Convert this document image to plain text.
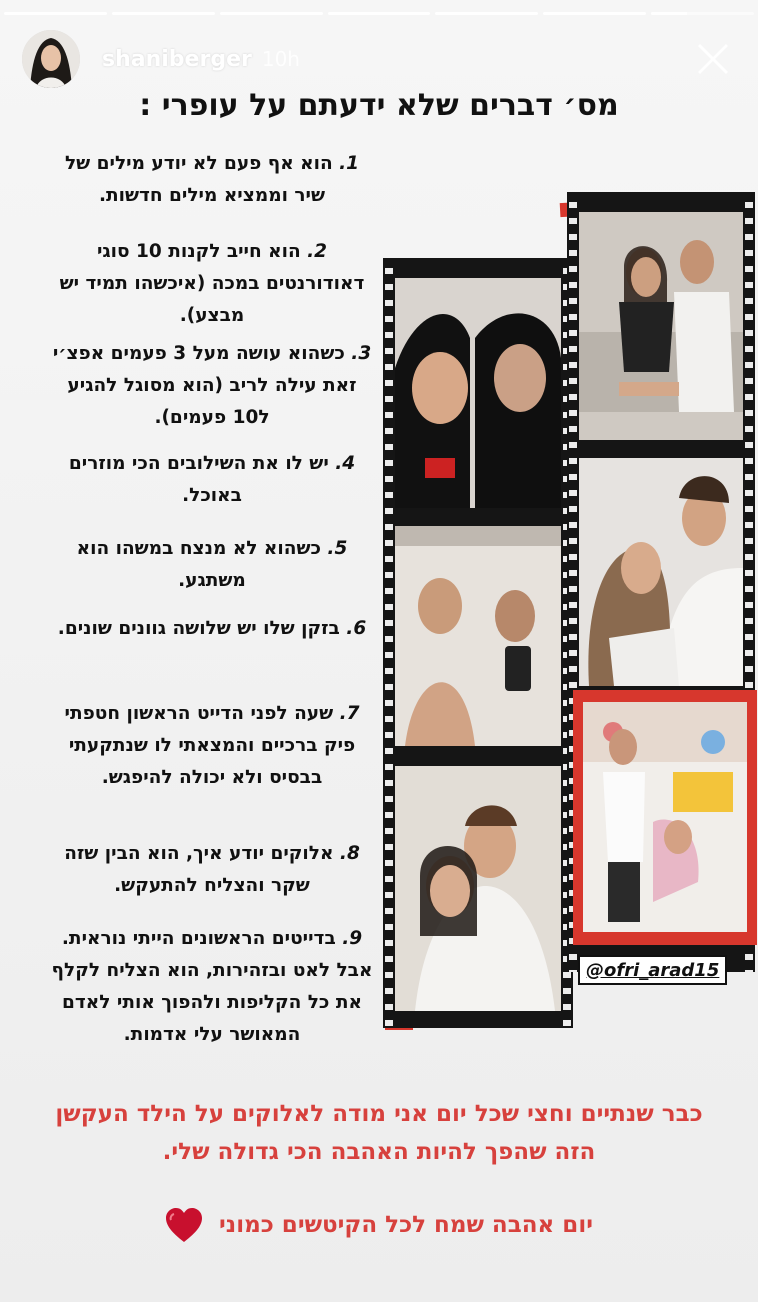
shaniberger 10h
מס׳ דברים שלא ידעתם על עופרי :
1. הוא אף פעם לא יודע מילים של שיר וממציא מילים חדשות.
2. הוא חייב לקנות 10 סוגי דאודורנטים במכה (איכשהו תמיד יש מבצע).
3. כשהוא עושה מעל 3 פעמים אפצ׳י זאת עילה לריב (הוא מסוגל להגיע ל10 פעמים).
4. יש לו את השילובים הכי מוזרים באוכל.
5. כשהוא לא מנצח במשהו הוא משתגע.
6. בזקן שלו יש שלושה גוונים שונים.
7. שעה לפני הדייט הראשון חטפתי פיק ברכיים והמצאתי לו שנתקעתי בבסיס ולא יכולה להיפגש.
8. אלוקים יודע איך, הוא הבין שזה שקר והצליח להתעקש.
9. בדייטים הראשונים הייתי נוראית. אבל לאט ובזהירות, הוא הצליח לקלף את כל הקליפות ולהפוך אותי לאדם המאושר עלי אדמות.
@ofri_arad15
כבר שנתיים וחצי שכל יום אני מודה לאלוקים על הילד העקשן
הזה שהפך להיות האהבה הכי גדולה שלי.
יום אהבה שמח לכל הקיטשים כמוני
